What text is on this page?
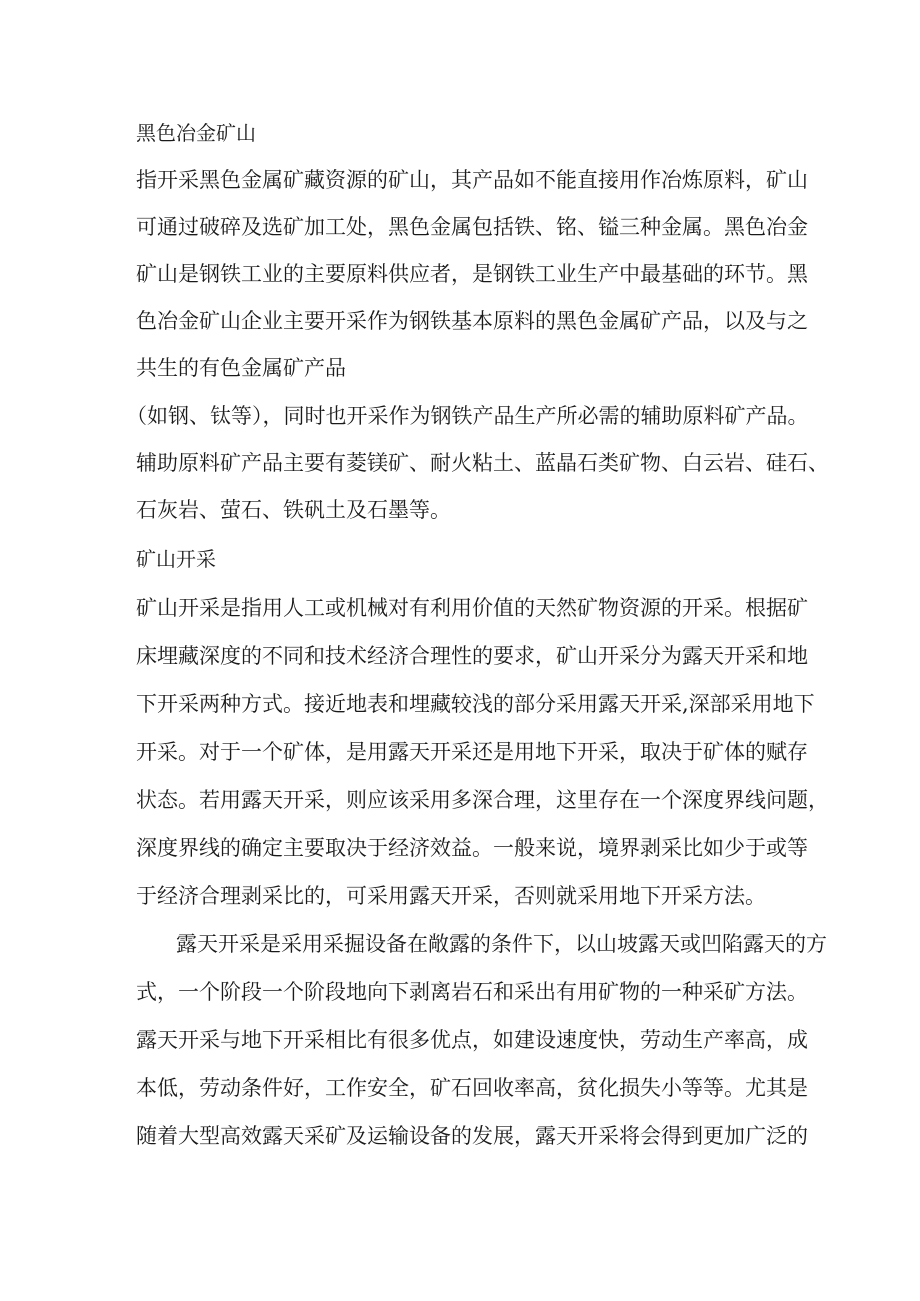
黑色冶金矿山
指开采黑色金属矿藏资源的矿山，其产品如不能直接用作冶炼原料，矿山
可通过破碎及选矿加工处，黑色金属包括铁、铭、镒三种金属。黑色冶金
矿山是钢铁工业的主要原料供应者，是钢铁工业生产中最基础的环节。黑
色冶金矿山企业主要开采作为钢铁基本原料的黑色金属矿产品，以及与之
共生的有色金属矿产品
（如钢、钛等），同时也开采作为钢铁产品生产所必需的辅助原料矿产品。
辅助原料矿产品主要有菱镁矿、耐火粘土、蓝晶石类矿物、白云岩、硅石、
石灰岩、萤石、铁矾土及石墨等。
矿山开采
矿山开采是指用人工或机械对有利用价值的天然矿物资源的开采。根据矿
床埋藏深度的不同和技术经济合理性的要求，矿山开采分为露天开采和地
下开采两种方式。接近地表和埋藏较浅的部分采用露天开采,深部采用地下
开采。对于一个矿体，是用露天开采还是用地下开采，取决于矿体的赋存
状态。若用露天开采，则应该采用多深合理，这里存在一个深度界线问题，
深度界线的确定主要取决于经济效益。一般来说，境界剥采比如少于或等
于经济合理剥采比的，可采用露天开采，否则就采用地下开采方法。
露天开采是采用采掘设备在敞露的条件下，以山坡露天或凹陷露天的方
式，一个阶段一个阶段地向下剥离岩石和采出有用矿物的一种采矿方法。
露天开采与地下开采相比有很多优点，如建设速度快，劳动生产率高，成
本低，劳动条件好，工作安全，矿石回收率高，贫化损失小等等。尤其是
随着大型高效露天采矿及运输设备的发展，露天开采将会得到更加广泛的
